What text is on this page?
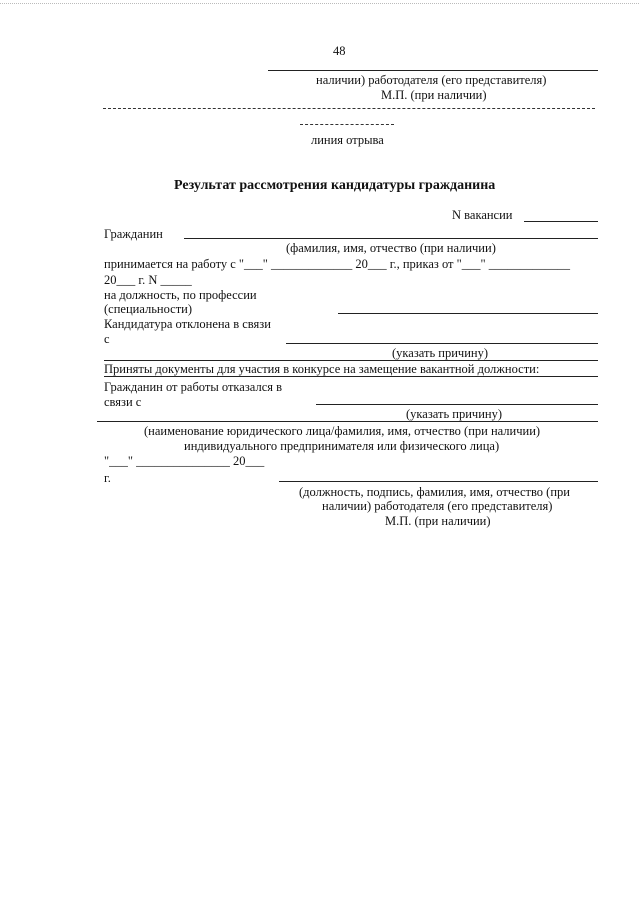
48
наличии) работодателя (его представителя)
М.П. (при наличии)
линия отрыва
Результат рассмотрения кандидатуры гражданина
N вакансии
Гражданин
(фамилия, имя, отчество (при наличии)
принимается на работу с "___" _____________ 20___ г., приказ от "___" _____________
20___ г. N _____
на должность, по профессии
(специальности)
Кандидатура отклонена в связи
с
(указать причину)
Приняты документы для участия в конкурсе на замещение вакантной должности:
Гражданин от работы отказался в
связи с
(указать причину)
(наименование юридического лица/фамилия, имя, отчество (при наличии)
индивидуального предпринимателя или физического лица)
"___" _______________ 20___
г.
(должность, подпись, фамилия, имя, отчество (при
наличии) работодателя (его представителя)
М.П. (при наличии)
